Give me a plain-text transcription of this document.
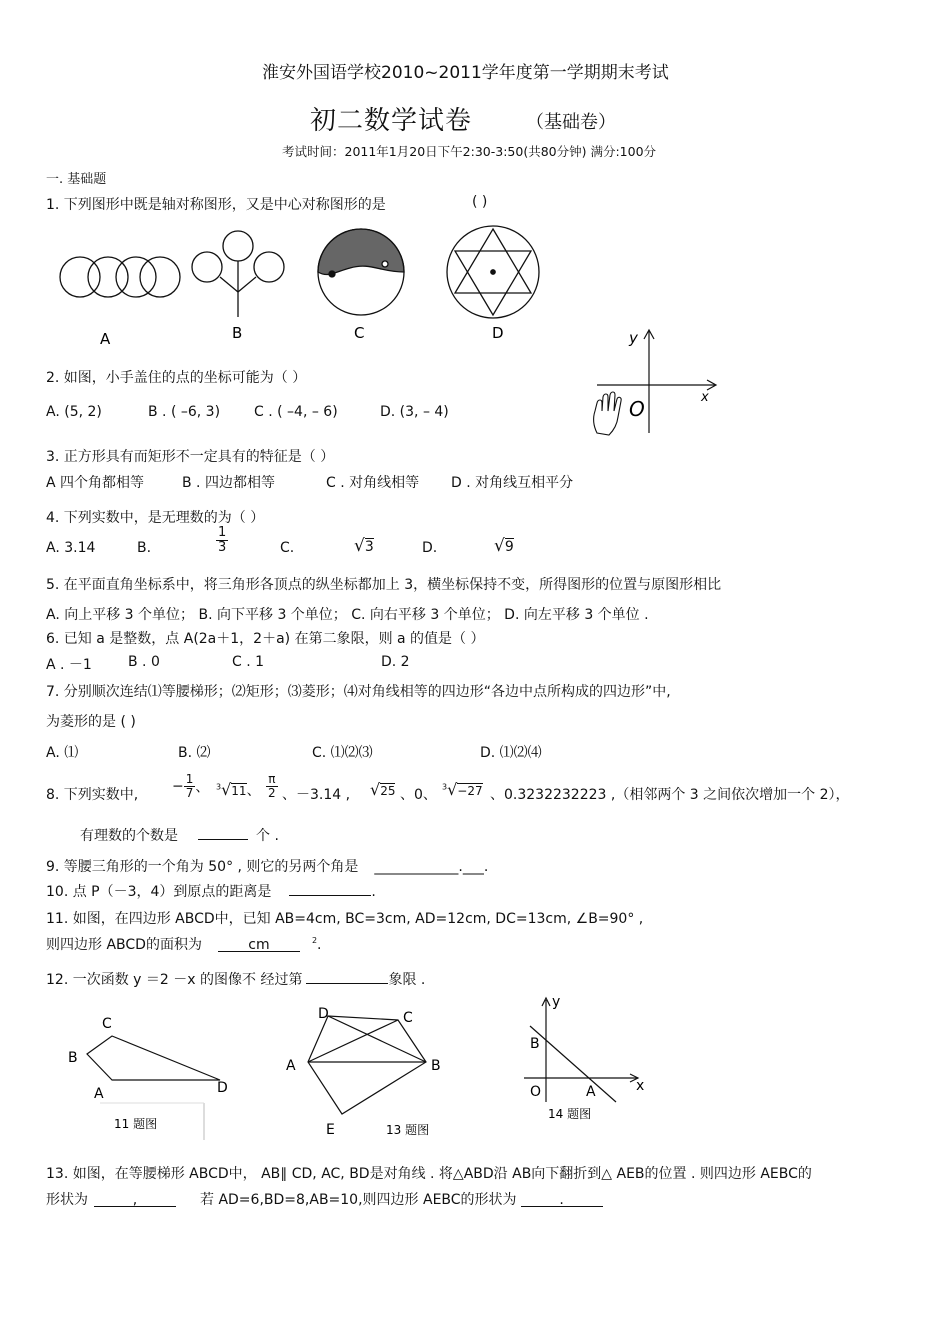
淮安外国语学校2010~2011学年度第一学期期末考试
初二数学试卷	（基础卷）
考试时间：2011年1月20日下午2:30-3:50(共80分钟) 满分:100分
一. 基础题
1. 下列图形中既是轴对称图形，又是中心对称图形的是	( )
A	B	C	D
2. 如图，小手盖住的点的坐标可能为（ ）
A. (5, 2)	B . ( –6, 3) C . ( –4, – 6)	D. (3, – 4)
y
x
O
3. 正方形具有而矩形不一定具有的特征是（ ）
A 四个角都相等	B . 四边都相等	C . 对角线相等 D . 对角线互相平分
4. 下列实数中，是无理数的为（ ）
A. 3.14	B.	$\frac{1}{3}$	C.	√3	D.	√9
5. 在平面直角坐标系中，将三角形各顶点的纵坐标都加上 3，横坐标保持不变，所得图形的位置与原图形相比
A. 向上平移 3 个单位； B. 向下平移 3 个单位； C. 向右平移 3 个单位； D. 向左平移 3 个单位 .
6. 已知 a 是整数，点 A(2a＋1，2＋a) 在第二象限，则 a 的值是（ ）
A . －1	B . 0	C . 1	D. 2
7. 分别顺次连结⑴等腰梯形；⑵矩形；⑶菱形；⑷对角线相等的四边形“各边中点所构成的四边形”中,
为菱形的是 ( )
A. ⑴	B. ⑵	C. ⑴⑵⑶	D. ⑴⑵⑷
8. 下列实数中,
− $\frac{1}{7}$ 、 $^3$√11、 $\frac{\pi}{2}$ 、－3.14 , √25 、0、
$^3$√−27 、0.3232232223 ,（相邻两个 3 之间依次增加一个 2），
有理数的个数是	个 .
9. 等腰三角形的一个角为 50° , 则它的另两个角是 ____________.___.
10. 点 P（－3，4）到原点的距离是	.
11. 如图，在四边形 ABCD中，已知 AB=4cm, BC=3cm, AD=12cm, DC=13cm, ∠B=90° ,
则四边形 ABCD的面积为	cm	$^2$.
12. 一次函数 y ＝2 －x 的图像不 经过第	象限 .
C
B
A	D
11 题图
D	C
A	B
E	13 题图
y
x
O	A
B
14 题图
13. 如图，在等腰梯形 ABCD中， AB∥ CD, AC, BD是对角线 . 将△ABD沿 AB向下翻折到△ AEB的位置 . 则四边形 AEBC的
形状为	,	若 AD=6,BD=8,AB=10,则四边形 AEBC的形状为	.
